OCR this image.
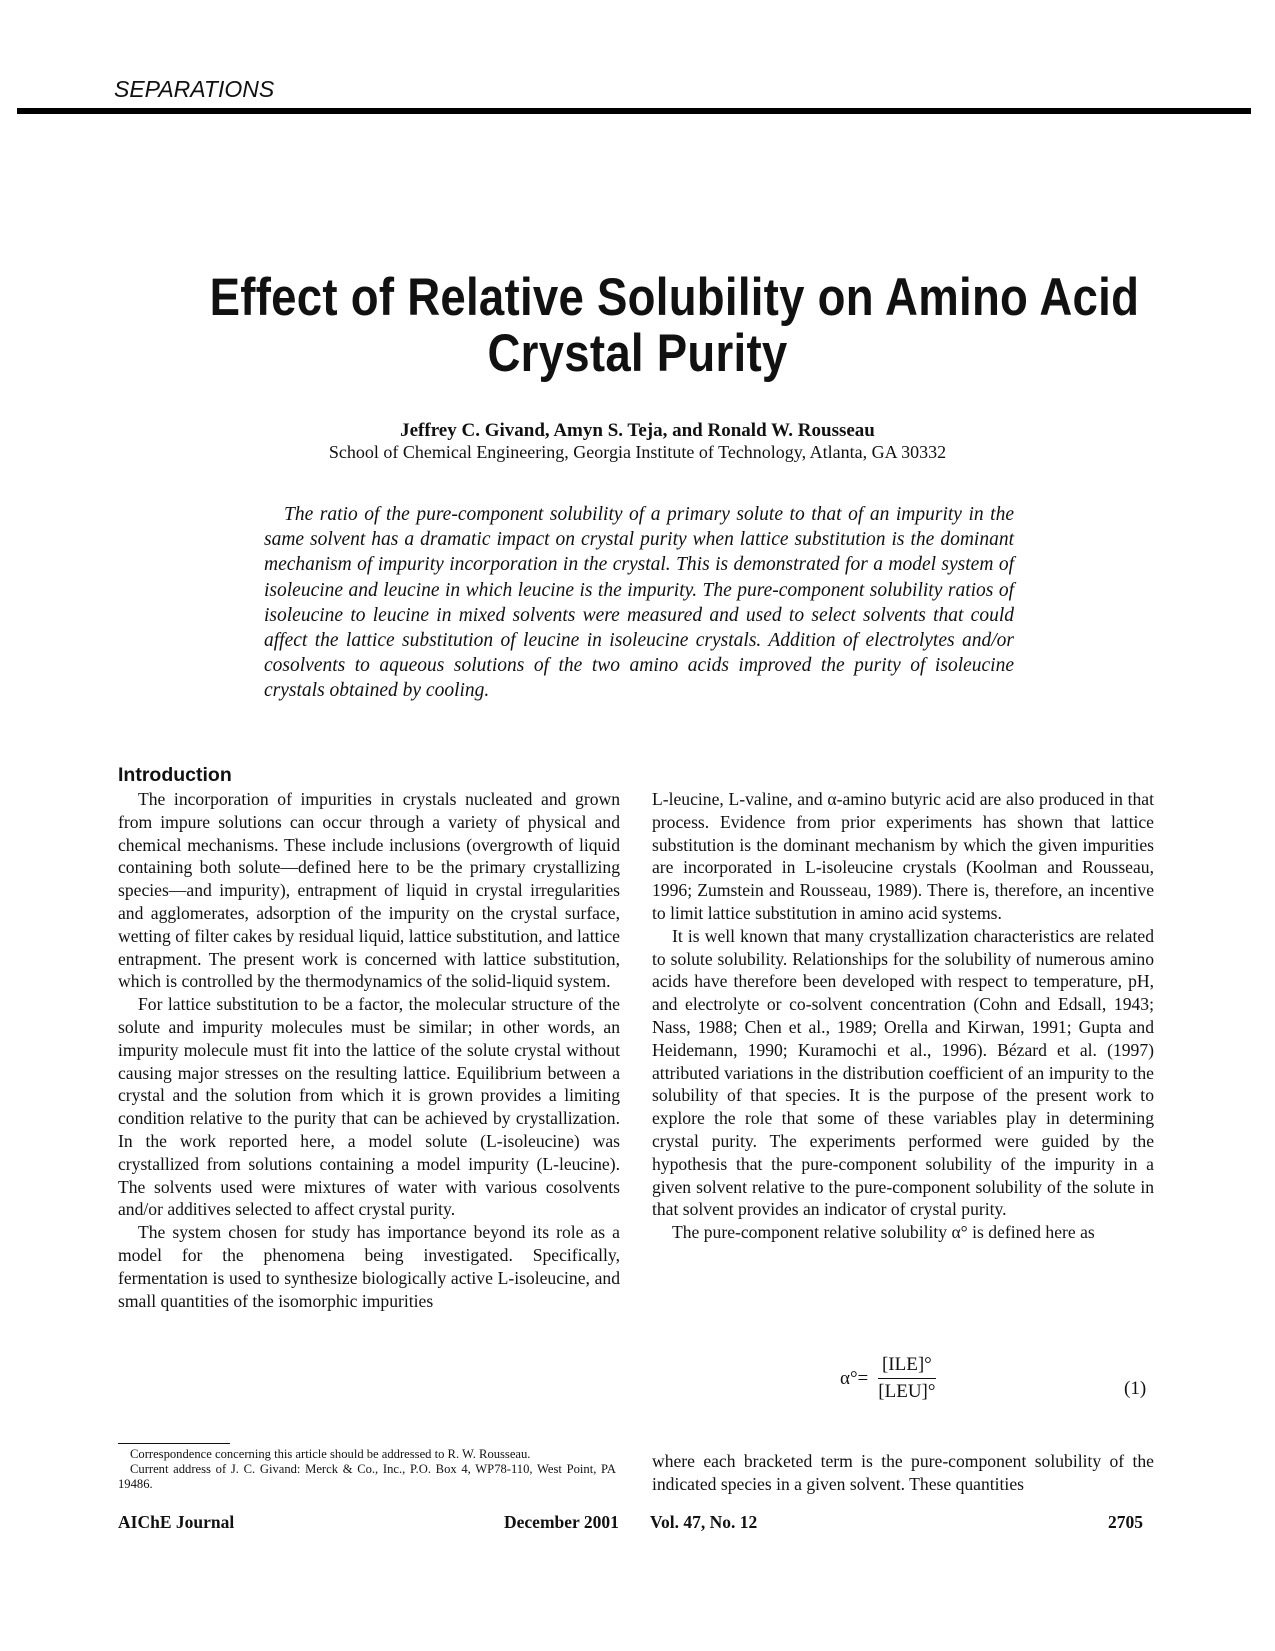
SEPARATIONS
Effect of Relative Solubility on Amino Acid
Crystal Purity
Jeffrey C. Givand, Amyn S. Teja, and Ronald W. Rousseau
School of Chemical Engineering, Georgia Institute of Technology, Atlanta, GA 30332
The ratio of the pure-component solubility of a primary solute to that of an impurity in the same solvent has a dramatic impact on crystal purity when lattice substitution is the dominant mechanism of impurity incorporation in the crystal. This is demonstrated for a model system of isoleucine and leucine in which leucine is the impurity. The pure-component solubility ratios of isoleucine to leucine in mixed solvents were measured and used to select solvents that could affect the lattice substitution of leucine in isoleucine crystals. Addition of electrolytes and/or cosolvents to aqueous solutions of the two amino acids improved the purity of isoleucine crystals obtained by cooling.
Introduction

The incorporation of impurities in crystals nucleated and grown from impure solutions can occur through a variety of physical and chemical mechanisms. These include inclusions (overgrowth of liquid containing both solute—defined here to be the primary crystallizing species—and impurity), entrapment of liquid in crystal irregularities and agglomerates, adsorption of the impurity on the crystal surface, wetting of filter cakes by residual liquid, lattice substitution, and lattice entrapment. The present work is concerned with lattice substitution, which is controlled by the thermodynamics of the solid-liquid system.

For lattice substitution to be a factor, the molecular structure of the solute and impurity molecules must be similar; in other words, an impurity molecule must fit into the lattice of the solute crystal without causing major stresses on the resulting lattice. Equilibrium between a crystal and the solution from which it is grown provides a limiting condition relative to the purity that can be achieved by crystallization. In the work reported here, a model solute (L-isoleucine) was crystallized from solutions containing a model impurity (L-leucine). The solvents used were mixtures of water with various cosolvents and/or additives selected to affect crystal purity.

The system chosen for study has importance beyond its role as a model for the phenomena being investigated. Specifically, fermentation is used to synthesize biologically active L-isoleucine, and small quantities of the isomorphic impurities

L-leucine, L-valine, and α-amino butyric acid are also produced in that process. Evidence from prior experiments has shown that lattice substitution is the dominant mechanism by which the given impurities are incorporated in L-isoleucine crystals (Koolman and Rousseau, 1996; Zumstein and Rousseau, 1989). There is, therefore, an incentive to limit lattice substitution in amino acid systems.

It is well known that many crystallization characteristics are related to solute solubility. Relationships for the solubility of numerous amino acids have therefore been developed with respect to temperature, pH, and electrolyte or co-solvent concentration (Cohn and Edsall, 1943; Nass, 1988; Chen et al., 1989; Orella and Kirwan, 1991; Gupta and Heidemann, 1990; Kuramochi et al., 1996). Bézard et al. (1997) attributed variations in the distribution coefficient of an impurity to the solubility of that species. It is the purpose of the present work to explore the role that some of these variables play in determining crystal purity. The experiments performed were guided by the hypothesis that the pure-component solubility of the impurity in a given solvent relative to the pure-component solubility of the solute in that solvent provides an indicator of crystal purity.

The pure-component relative solubility α° is defined here as

$\alpha^\circ= \frac{\text{[ILE]°}}{\text{[LEU]°}}$	(1)

where each bracketed term is the pure-component solubility of the indicated species in a given solvent. These quantities

Correspondence concerning this article should be addressed to R. W. Rousseau.

Current address of J. C. Givand: Merck & Co., Inc., P.O. Box 4, WP78-110, West Point, PA 19486.

AIChE Journal	December 2001 Vol. 47, No. 12	2705
